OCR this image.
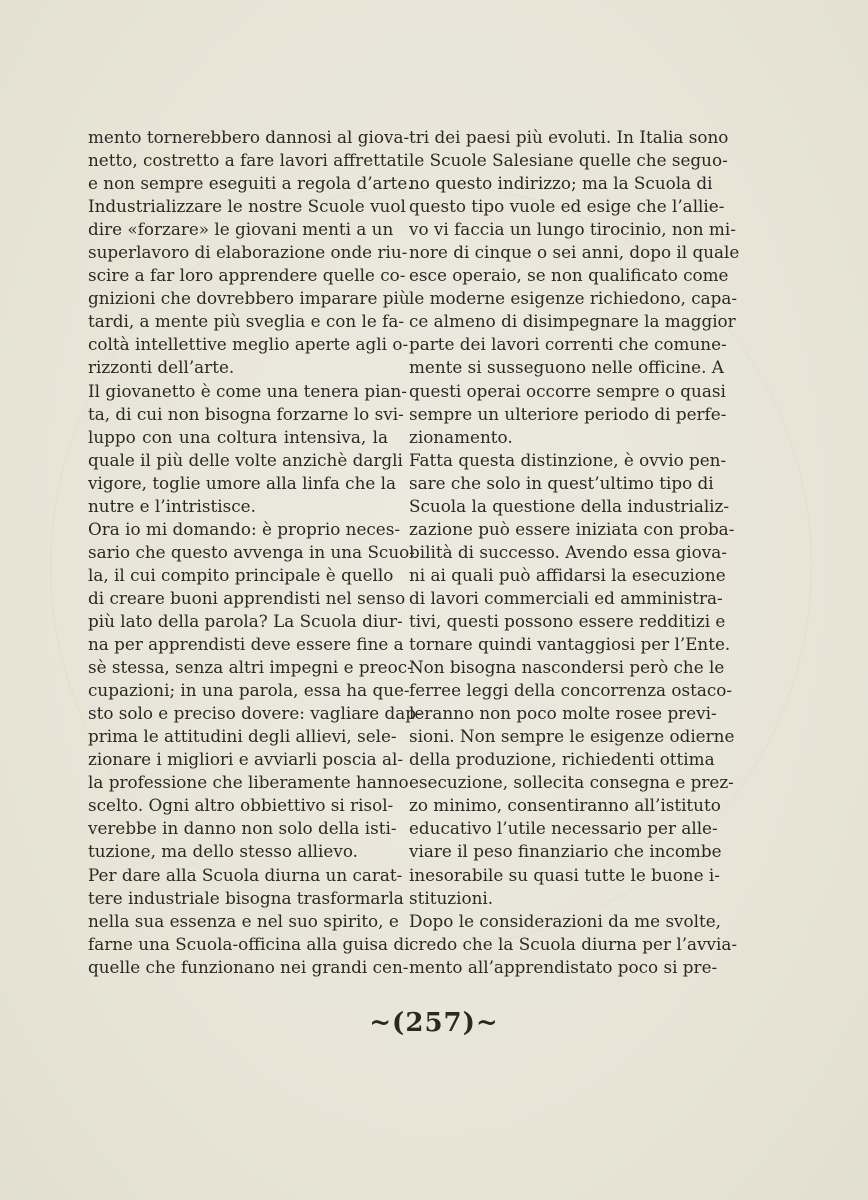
mento tornerebbero dannosi al giova-
netto, costretto a fare lavori affrettati
e non sempre eseguiti a regola d’arte.
Industrializzare le nostre Scuole vuol
dire «forzare» le giovani menti a un
superlavoro di elaborazione onde riu-
scire a far loro apprendere quelle co-
gnizioni che dovrebbero imparare più
tardi, a mente più sveglia e con le fa-
coltà intellettive meglio aperte agli o-
rizzonti dell’arte.
Il giovanetto è come una tenera pian-
ta, di cui non bisogna forzarne lo svi-
luppo con una coltura intensiva, la
quale il più delle volte anzichè dargli
vigore, toglie umore alla linfa che la
nutre e l’intristisce.
Ora io mi domando: è proprio neces-
sario che questo avvenga in una Scuo-
la, il cui compito principale è quello
di creare buoni apprendisti nel senso
più lato della parola? La Scuola diur-
na per apprendisti deve essere fine a
sè stessa, senza altri impegni e preoc-
cupazioni; in una parola, essa ha que-
sto solo e preciso dovere: vagliare dap-
prima le attitudini degli allievi, sele-
zionare i migliori e avviarli poscia al-
la professione che liberamente hanno
scelto. Ogni altro obbiettivo si risol-
verebbe in danno non solo della isti-
tuzione, ma dello stesso allievo.
Per dare alla Scuola diurna un carat-
tere industriale bisogna trasformarla
nella sua essenza e nel suo spirito, e
farne una Scuola-officina alla guisa di
quelle che funzionano nei grandi cen-
tri dei paesi più evoluti. In Italia sono
le Scuole Salesiane quelle che seguo-
no questo indirizzo; ma la Scuola di
questo tipo vuole ed esige che l’allie-
vo vi faccia un lungo tirocinio, non mi-
nore di cinque o sei anni, dopo il quale
esce operaio, se non qualificato come
le moderne esigenze richiedono, capa-
ce almeno di disimpegnare la maggior
parte dei lavori correnti che comune-
mente si susseguono nelle officine. A
questi operai occorre sempre o quasi
sempre un ulteriore periodo di perfe-
zionamento.
Fatta questa distinzione, è ovvio pen-
sare che solo in quest’ultimo tipo di
Scuola la questione della industrializ-
zazione può essere iniziata con proba-
bilità di successo. Avendo essa giova-
ni ai quali può affidarsi la esecuzione
di lavori commerciali ed amministra-
tivi, questi possono essere redditizi e
tornare quindi vantaggiosi per l’Ente.
Non bisogna nascondersi però che le
ferree leggi della concorrenza ostaco-
leranno non poco molte rosee previ-
sioni. Non sempre le esigenze odierne
della produzione, richiedenti ottima
esecuzione, sollecita consegna e prez-
zo minimo, consentiranno all’istituto
educativo l’utile necessario per alle-
viare il peso finanziario che incombe
inesorabile su quasi tutte le buone i-
stituzioni.
Dopo le considerazioni da me svolte,
credo che la Scuola diurna per l’avvia-
mento all’apprendistato poco si pre-
~(257)~
